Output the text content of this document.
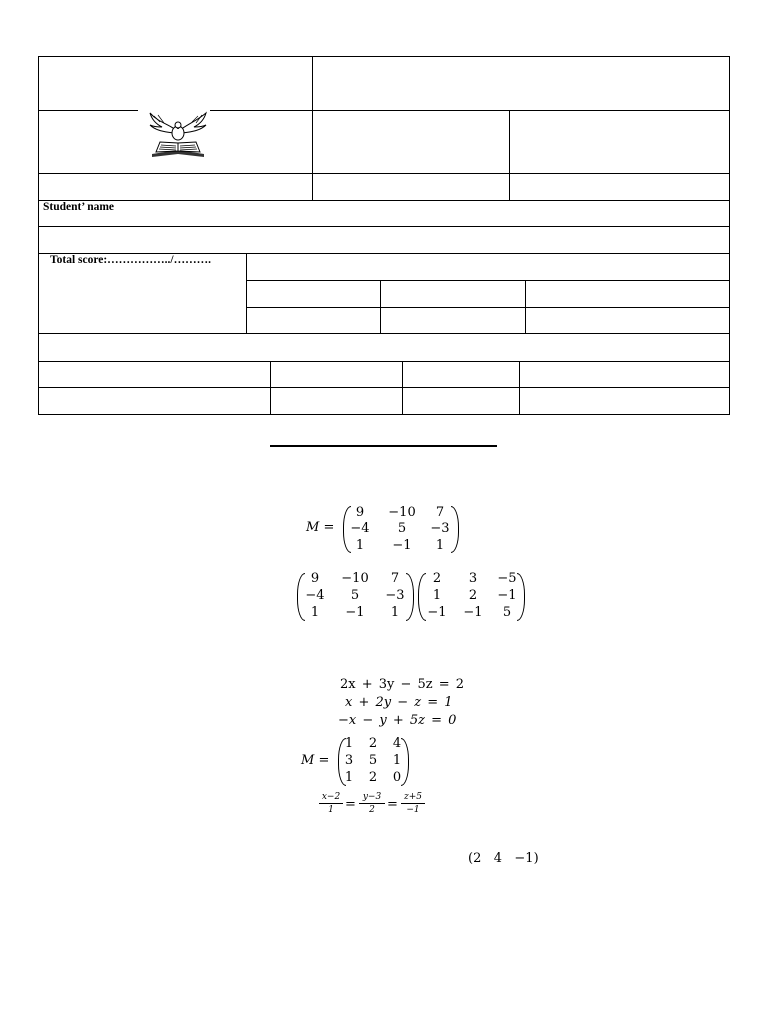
Student’ name
Total score:……………../……….
M =
9	−10	7
−4	5	−3
1	−1	1
9	−10	7
−4	5	−3
1	−1	1
2	3	−5
1	2	−1
−1	−1	5
2x + 3y − 5z = 2
x + 2y − z = 1
−x − y + 5z = 0
M =
1 2 4
3 5 1
1 2 0
x−2
1 = y−3
2 = z+5
−1
(2   4   −1)
